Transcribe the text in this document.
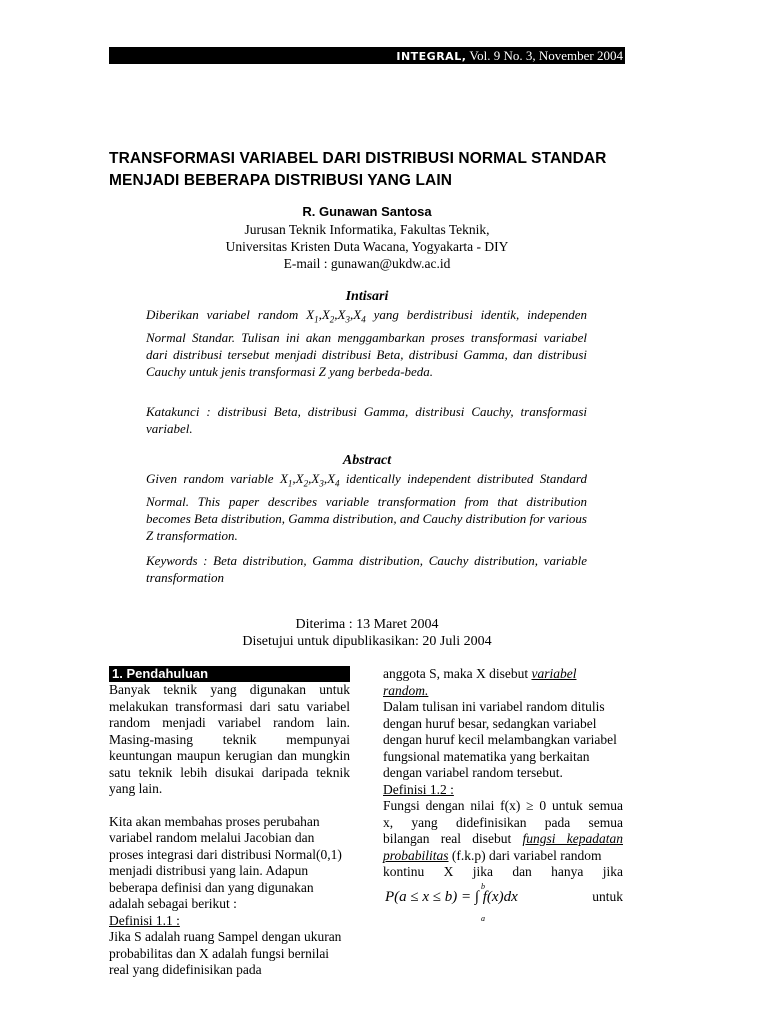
INTEGRAL, Vol. 9 No. 3, November 2004
TRANSFORMASI VARIABEL DARI DISTRIBUSI NORMAL STANDAR
MENJADI BEBERAPA DISTRIBUSI YANG LAIN
R. Gunawan Santosa
Jurusan Teknik Informatika, Fakultas Teknik,
Universitas Kristen Duta Wacana, Yogyakarta - DIY
E-mail : gunawan@ukdw.ac.id
Intisari
Diberikan variabel random $X_1,X_2,X_3,X_4$ yang berdistribusi identik, independen Normal Standar. Tulisan ini akan menggambarkan proses transformasi variabel dari distribusi tersebut menjadi distribusi Beta, distribusi Gamma, dan distribusi Cauchy untuk jenis transformasi Z yang berbeda-beda.
Katakunci : distribusi Beta, distribusi Gamma, distribusi Cauchy, transformasi variabel.
Abstract
Given random variable $X_1,X_2,X_3,X_4$ identically independent distributed Standard Normal. This paper describes variable transformation from that distribution becomes Beta distribution, Gamma distribution, and Cauchy distribution for various Z transformation.
Keywords : Beta distribution, Gamma distribution, Cauchy distribution, variable transformation
Diterima : 13 Maret 2004
Disetujui untuk dipublikasikan: 20 Juli 2004
1. Pendahuluan

Banyak teknik yang digunakan untuk melakukan transformasi dari satu variabel random menjadi variabel random lain. Masing-masing teknik mempunyai keuntungan maupun kerugian dan mungkin satu teknik lebih disukai daripada teknik yang lain.

Kita akan membahas proses perubahan variabel random melalui Jacobian dan proses integrasi dari distribusi Normal(0,1) menjadi distribusi yang lain. Adapun beberapa definisi dan yang digunakan adalah sebagai berikut :

Definisi 1.1 :

Jika S adalah ruang Sampel dengan ukuran probabilitas dan X adalah fungsi bernilai real yang didefinisikan pada

anggota S, maka X disebut variabel random.

Dalam tulisan ini variabel random ditulis dengan huruf besar, sedangkan variabel dengan huruf kecil melambangkan variabel fungsional matematika yang berkaitan dengan variabel random tersebut.

Definisi 1.2 :

Fungsi dengan nilai f(x) ≥ 0 untuk semua

x, yang didefinisikan pada semua

bilangan real disebut fungsi kepadatan

probabilitas (f.k.p) dari variabel random

kontinu X jika dan hanya jika

b
P(a ≤ x ≤ b) = ∫ f(x)dx
a
untuk
